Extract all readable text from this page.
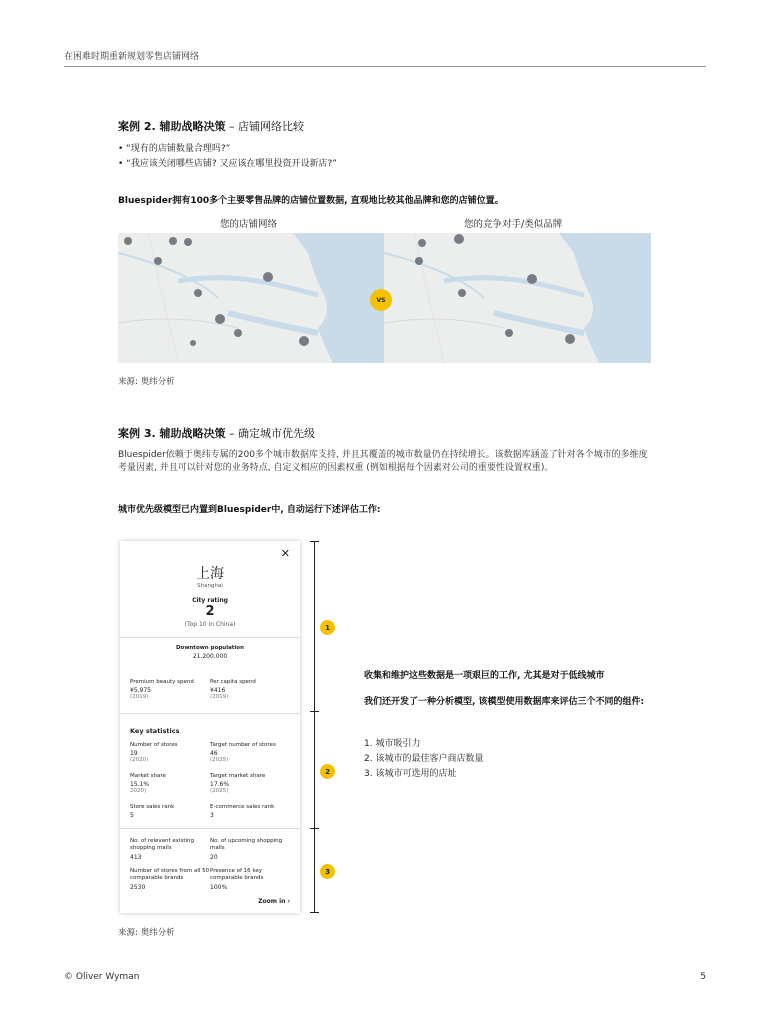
在困难时期重新规划零售店铺网络
案例 2. 辅助战略决策 – 店铺网络比较
• “现有的店铺数量合理吗?”
• “我应该关闭哪些店铺? 又应该在哪里投资开设新店?”
Bluespider拥有100多个主要零售品牌的店铺位置数据, 直观地比较其他品牌和您的店铺位置。
您的店铺网络	您的竞争对手/类似品牌
VS
来源: 奥纬分析
案例 3. 辅助战略决策 – 确定城市优先级
Bluespider依赖于奥纬专属的200多个城市数据库支持, 并且其覆盖的城市数量仍在持续增长。该数据库涵盖了针对各个城市的多维度考量因素, 并且可以针对您的业务特点, 自定义相应的因素权重 (例如根据每个因素对公司的重要性设置权重)。
城市优先级模型已内置到Bluespider中, 自动运行下述评估工作:
✕
上海
Shanghai
City rating
2
(Top 10 in China)
Downtown population
21,200,000
Premium beauty spend
¥5,975
(2019)
Per capita spend
¥416
(2019)
Key statistics
Number of stores
19
(2020)
Target number of stores
46
(2025)
Market share
15.1%
2020)
Target market share
17.6%
(2025)
Store sales rank
5
E-commerce sales rank
3
No. of relevant existing shopping malls
413
No. of upcoming shopping malls
20
Number of stores from all 50 comparable brands
2530
Presence of 16 key comparable brands
100%
Zoom in ›
1
2
3
收集和维护这些数据是一项艰巨的工作, 尤其是对于低线城市
我们还开发了一种分析模型, 该模型使用数据库来评估三个不同的组件:
1. 城市吸引力
2. 该城市的最佳客户商店数量
3. 该城市可选用的店址
来源: 奥纬分析
© Oliver Wyman	5
